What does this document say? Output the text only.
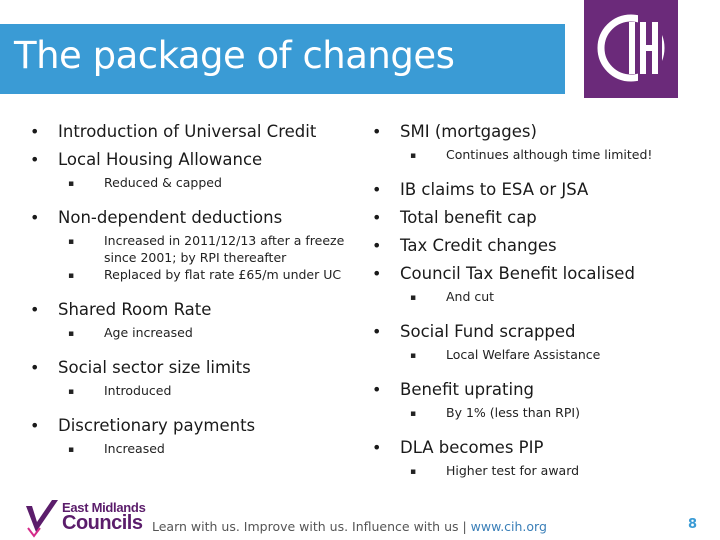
The package of changes
•	Introduction of Universal Credit
•	Local Housing Allowance
▪	Reduced & capped
•	Non-dependent deductions
▪	Increased in 2011/12/13 after a freeze since 2001; by RPI thereafter
▪	Replaced by flat rate £65/m under UC
•	Shared Room Rate
▪	Age increased
•	Social sector size limits
▪	Introduced
•	Discretionary payments
▪	Increased
•	SMI (mortgages)
▪	Continues although time limited!
•	IB claims to ESA or JSA
•	Total benefit cap
•	Tax Credit changes
•	Council Tax Benefit localised
▪	And cut
•	Social Fund scrapped
▪	Local Welfare Assistance
•	Benefit uprating
▪	By 1% (less than RPI)
•	DLA becomes PIP
▪	Higher test for award
East Midlands
Councils Learn with us. Improve with us. Influence with us | www.cih.org	8
